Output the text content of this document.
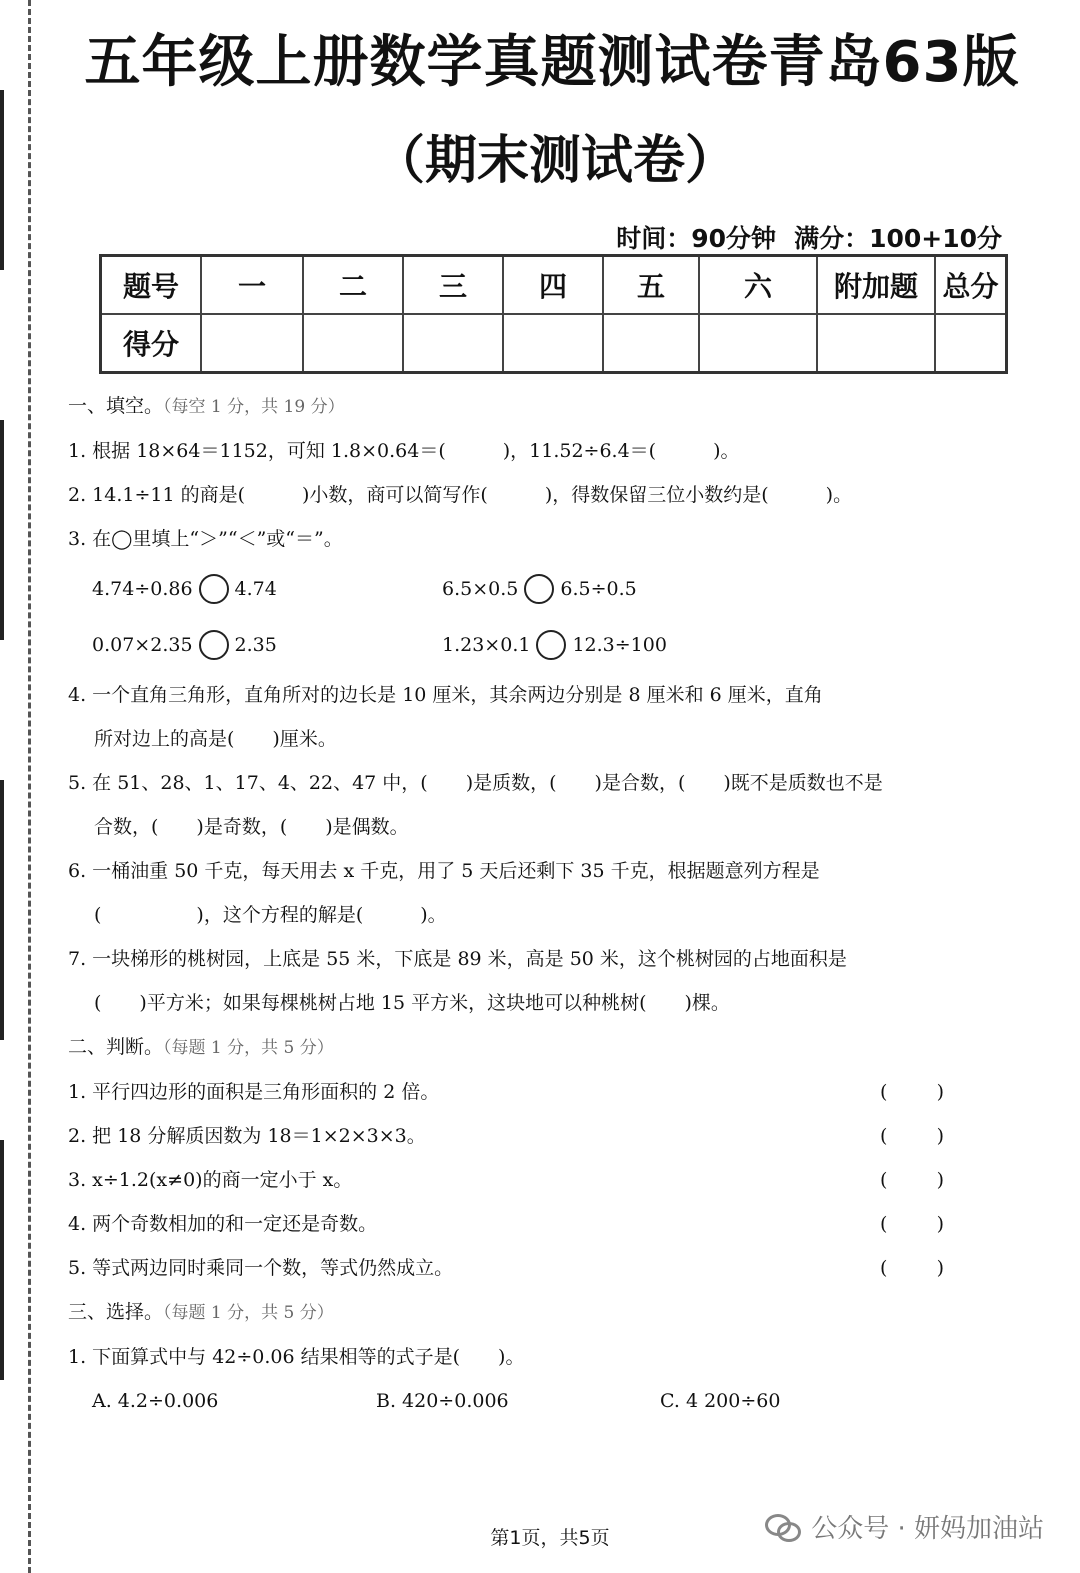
五年级上册数学真题测试卷青岛63版
（期末测试卷）
时间：90分钟 满分：100+10分
题号	一	二	三	四	五	六	附加题	总分
得分								
一、填空。（每空 1 分，共 19 分）
1. 根据 18×64＝1152，可知 1.8×0.64＝(　　　)，11.52÷6.4＝(　　　)。
2. 14.1÷11 的商是(　　　)小数，商可以简写作(　　　)，得数保留三位小数约是(　　　)。
3. 在◯里填上“＞”“＜”或“＝”。
4.74÷0.86 4.74	6.5×0.5 6.5÷0.5
0.07×2.35 2.35	1.23×0.1 12.3÷100
4. 一个直角三角形，直角所对的边长是 10 厘米，其余两边分别是 8 厘米和 6 厘米，直角
所对边上的高是(　　)厘米。
5. 在 51、28、1、17、4、22、47 中，(　　)是质数，(　　)是合数，(　　)既不是质数也不是
合数，(　　)是奇数，(　　)是偶数。
6. 一桶油重 50 千克，每天用去 x 千克，用了 5 天后还剩下 35 千克，根据题意列方程是
(　　　　　)，这个方程的解是(　　　)。
7. 一块梯形的桃树园，上底是 55 米，下底是 89 米，高是 50 米，这个桃树园的占地面积是
(　　)平方米；如果每棵桃树占地 15 平方米，这块地可以种桃树(　　)棵。
二、判断。（每题 1 分，共 5 分）
1. 平行四边形的面积是三角形面积的 2 倍。	(	)
2. 把 18 分解质因数为 18＝1×2×3×3。	(	)
3. x÷1.2(x≠0)的商一定小于 x。	(	)
4. 两个奇数相加的和一定还是奇数。	(	)
5. 等式两边同时乘同一个数，等式仍然成立。	(	)
三、选择。（每题 1 分，共 5 分）
1. 下面算式中与 42÷0.06 结果相等的式子是(　　)。
A. 4.2÷0.006	B. 420÷0.006	C. 4 200÷60
第1页，共5页	公众号 · 妍妈加油站
